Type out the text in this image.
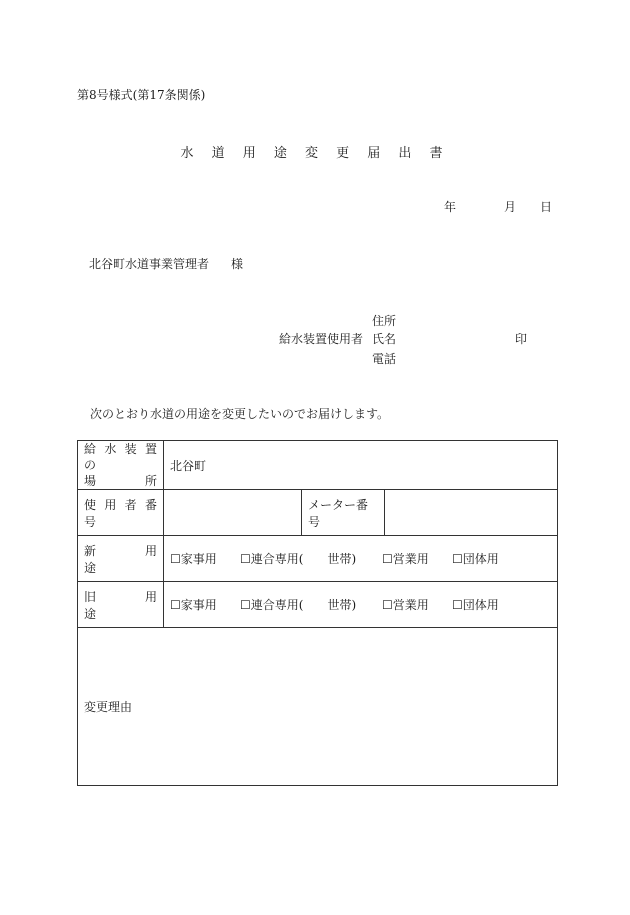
第8号様式(第17条関係)
水 道 用 途 変 更 届 出 書
年	月 日
北谷町水道事業管理者 様
給水装置使用者
住所
氏名
電話
印
次のとおり水道の用途を変更したいのでお届けします。
給 水 装 置 の
場　　　所	北谷町		
使 用 者 番 号		メーター番号	
新　　用　　途	☐家事用 ☐連合専用(　　世帯) ☐営業用 ☐団体用		
旧　　用　　途	☐家事用 ☐連合専用(　　世帯) ☐営業用 ☐団体用		
変更理由			
